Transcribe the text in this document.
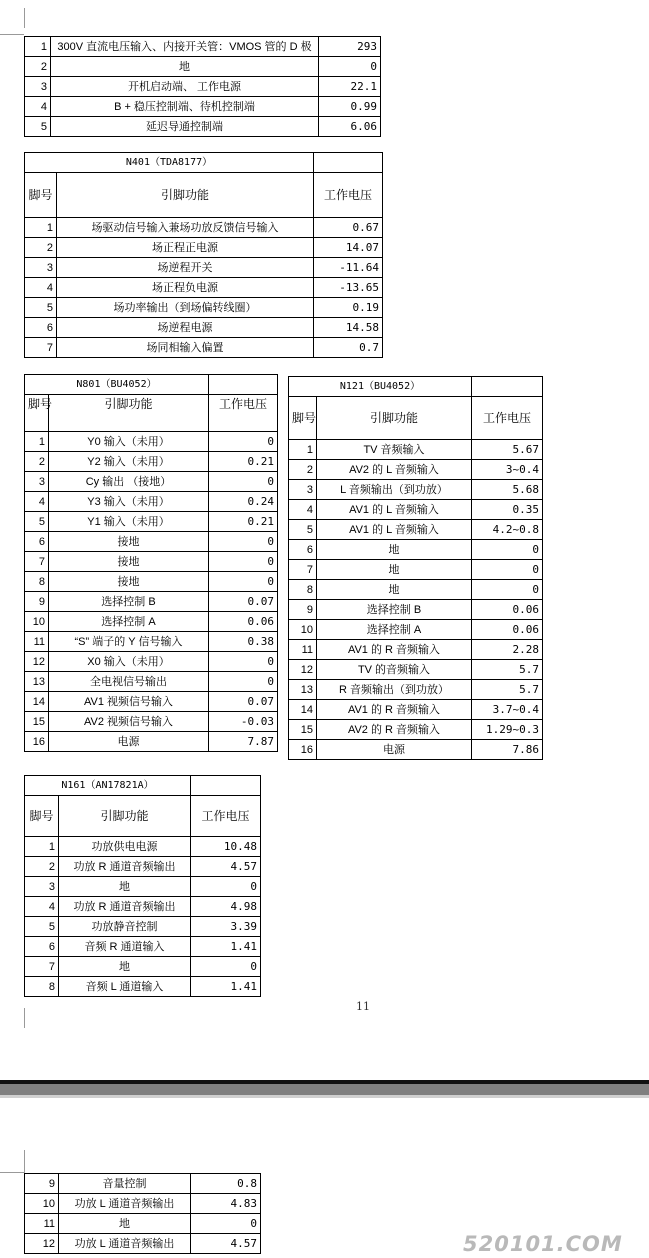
1	300V 直流电压输入、内接开关管：VMOS 管的 D 极	293
2	地	0
3	开机启动端、 工作电源	22.1
4	B + 稳压控制端、待机控制端	0.99
5	延迟导通控制端	6.06
N401（TDA8177）		
脚号	引脚功能	工作电压
1	场驱动信号输入兼场功放反馈信号输入	0.67
2	场正程正电源	14.07
3	场逆程开关	-11.64
4	场正程负电源	-13.65
5	场功率输出（到场偏转线圈）	0.19
6	场逆程电源	14.58
7	场同相输入偏置	0.7
N801（BU4052）		
脚号	引脚功能	工作电压
1	Y0 输入（未用）	0
2	Y2 输入（未用）	0.21
3	Cy 输出 （接地）	0
4	Y3 输入（未用）	0.24
5	Y1 输入（未用）	0.21
6	接地	0
7	接地	0
8	接地	0
9	选择控制 B	0.07
10	选择控制 A	0.06
11	“S” 端子的 Y 信号输入	0.38
12	X0 输入（未用）	0
13	全电视信号输出	0
14	AV1 视频信号输入	0.07
15	AV2 视频信号输入	-0.03
16	电源	7.87
N121（BU4052）		
脚号	引脚功能	工作电压
1	TV 音频输入	5.67
2	AV2 的 L 音频输入	3~0.4
3	L 音频输出（到功放）	5.68
4	AV1 的 L 音频输入	0.35
5	AV1 的 L 音频输入	4.2~0.8
6	地	0
7	地	0
8	地	0
9	选择控制 B	0.06
10	选择控制 A	0.06
11	AV1 的 R 音频输入	2.28
12	TV 的音频输入	5.7
13	R 音频输出（到功放）	5.7
14	AV1 的 R 音频输入	3.7~0.4
15	AV2 的 R 音频输入	1.29~0.3
16	电源	7.86
N161（AN17821A）		
脚号	引脚功能	工作电压
1	功放供电电源	10.48
2	功放 R 通道音频输出	4.57
3	地	0
4	功放 R 通道音频输出	4.98
5	功放静音控制	3.39
6	音频 R 通道输入	1.41
7	地	0
8	音频 L 通道输入	1.41
11
9	音量控制	0.8
10	功放 L 通道音频输出	4.83
11	地	0
12	功放 L 通道音频输出	4.57	520101.COM
